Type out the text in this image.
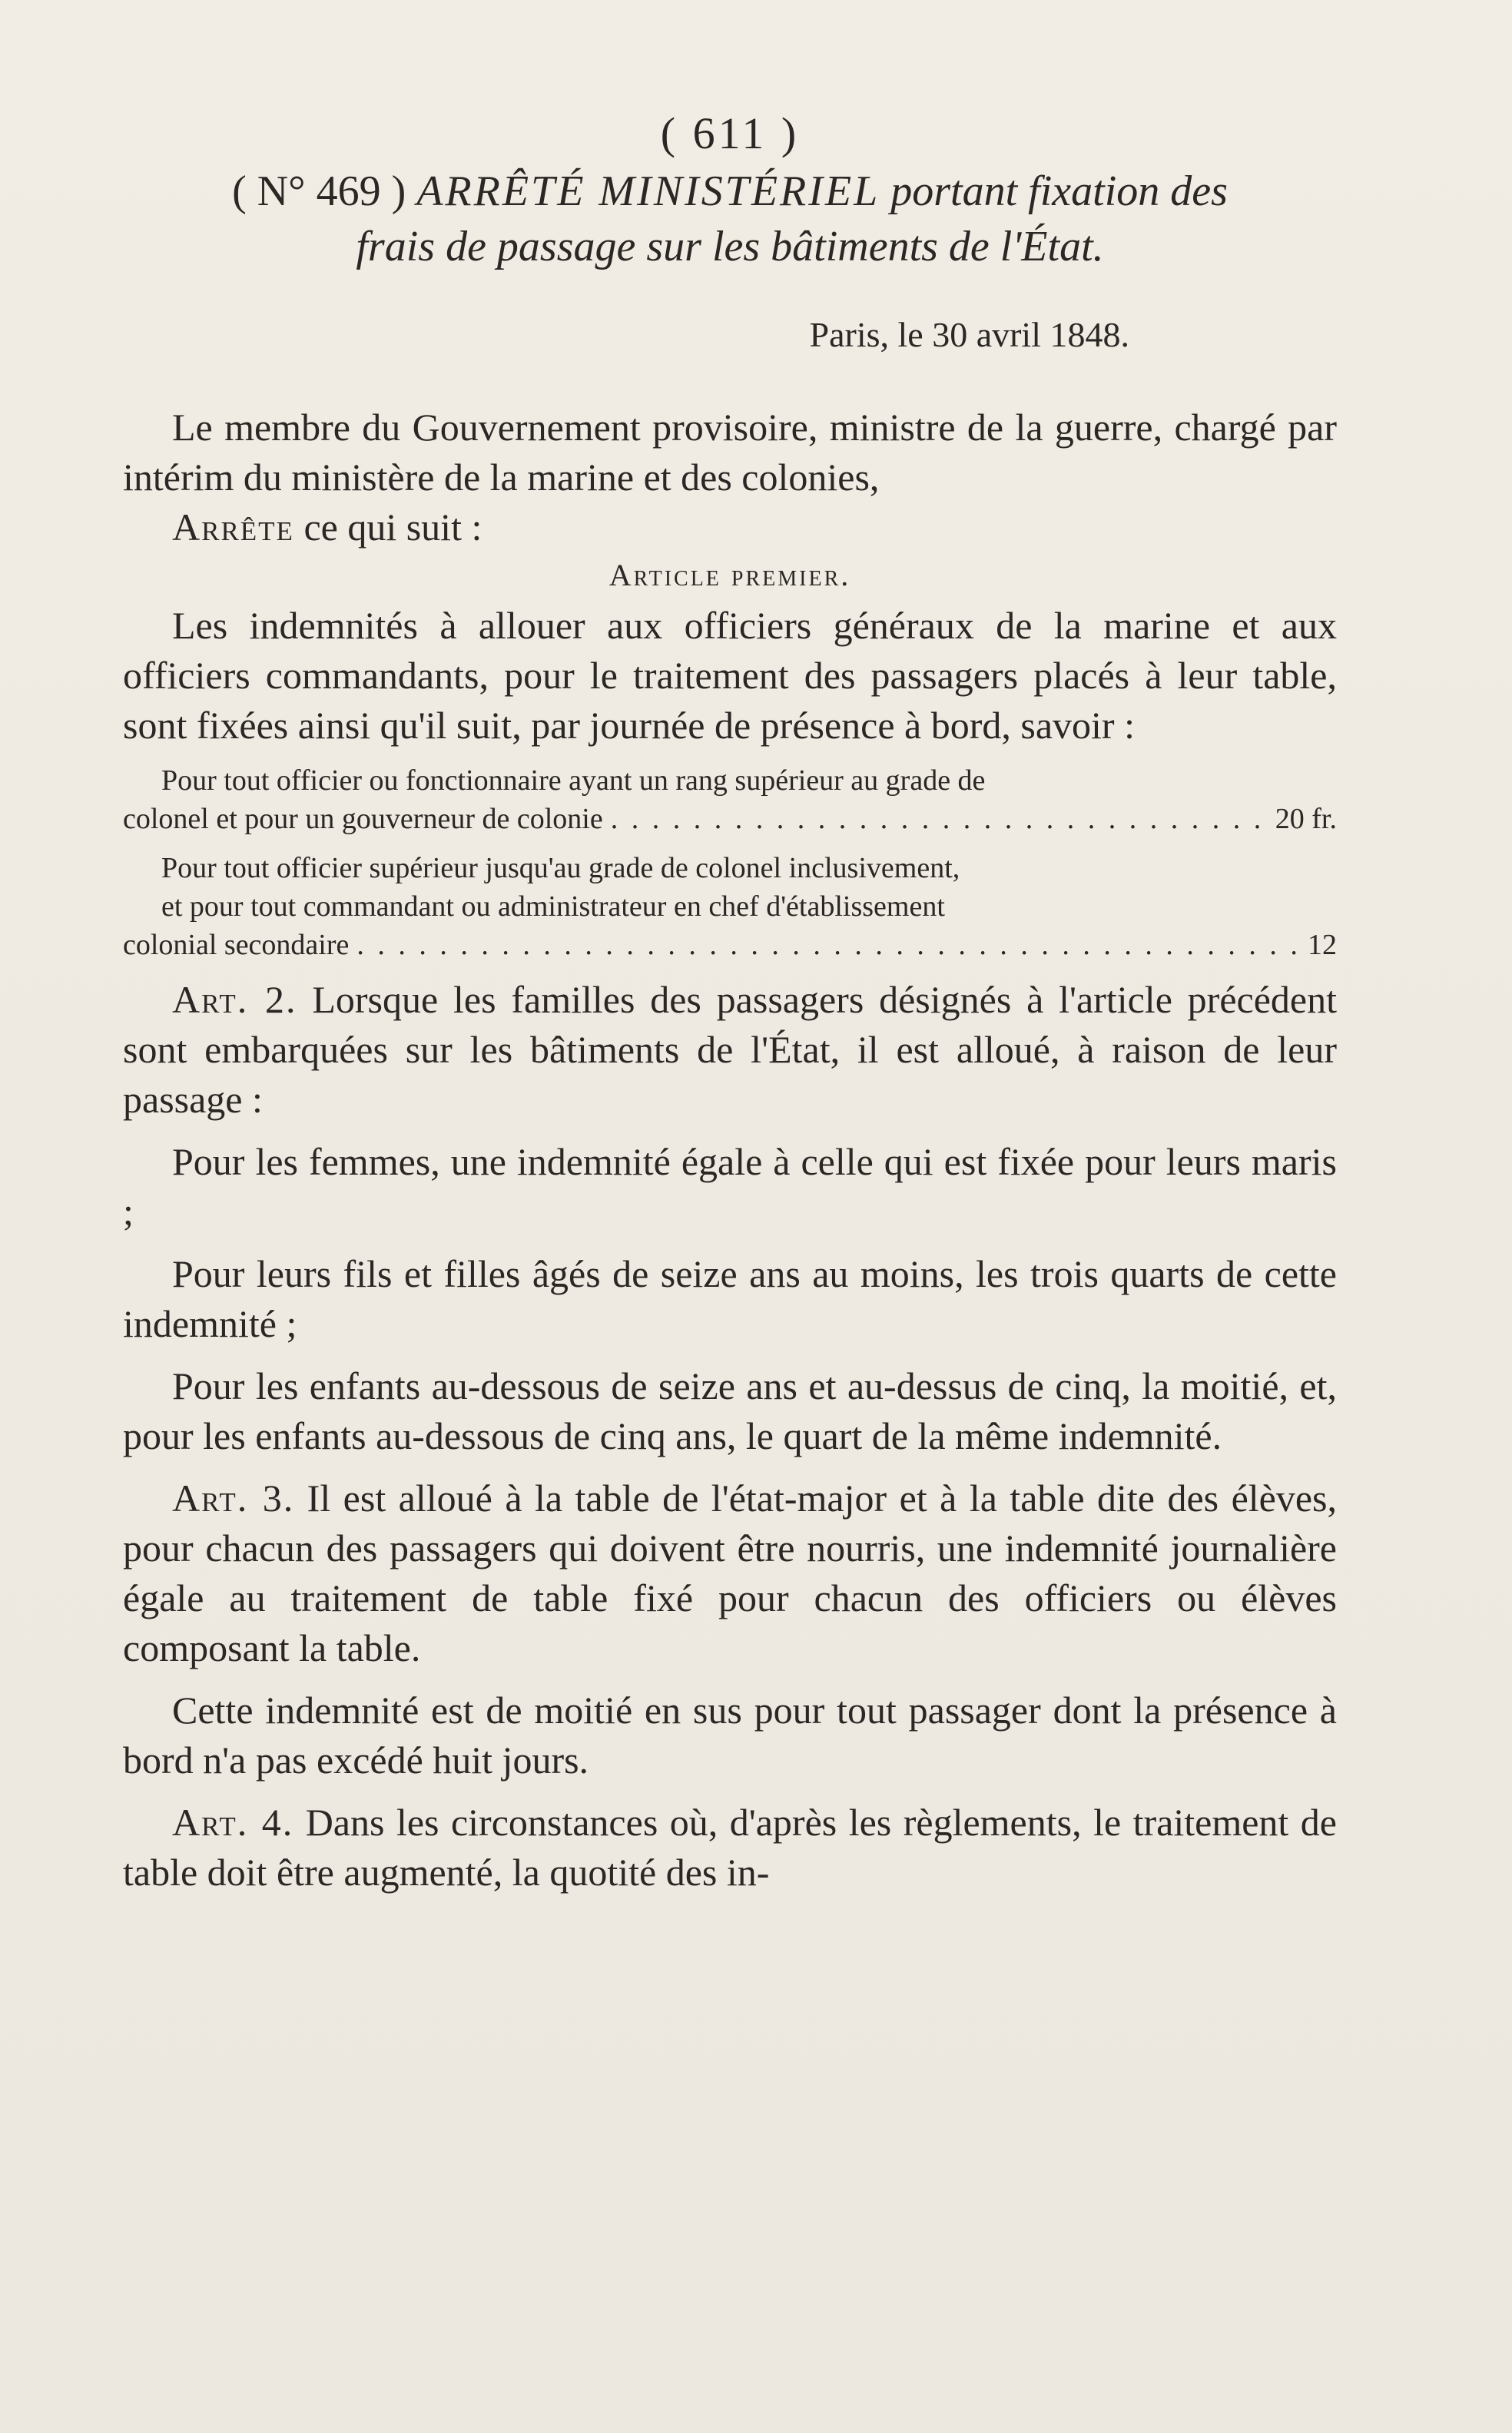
( 611 )
( N° 469 ) ARRÊTÉ MINISTÉRIEL portant fixation des
frais de passage sur les bâtiments de l'État.
Paris, le 30 avril 1848.

Le membre du Gouvernement provisoire, ministre de la guerre, chargé par intérim du ministère de la marine et des colonies,

Arrête ce qui suit :

Article premier.

Les indemnités à allouer aux officiers généraux de la marine et aux officiers commandants, pour le traitement des passagers placés à leur table, sont fixées ainsi qu'il suit, par journée de présence à bord, savoir :

Pour tout officier ou fonctionnaire ayant un rang supérieur au grade de
colonel et pour un gouverneur de colonie . . .	20 fr.
Pour tout officier supérieur jusqu'au grade de colonel inclusivement,
et pour tout commandant ou administrateur en chef d'établissement
colonial secondaire . . .	12

Art. 2. Lorsque les familles des passagers désignés à l'article précédent sont embarquées sur les bâtiments de l'État, il est alloué, à raison de leur passage :

Pour les femmes, une indemnité égale à celle qui est fixée pour leurs maris ;

Pour leurs fils et filles âgés de seize ans au moins, les trois quarts de cette indemnité ;

Pour les enfants au-dessous de seize ans et au-dessus de cinq, la moitié, et, pour les enfants au-dessous de cinq ans, le quart de la même indemnité.

Art. 3. Il est alloué à la table de l'état-major et à la table dite des élèves, pour chacun des passagers qui doivent être nourris, une indemnité journalière égale au traitement de table fixé pour chacun des officiers ou élèves composant la table.

Cette indemnité est de moitié en sus pour tout passager dont la présence à bord n'a pas excédé huit jours.

Art. 4. Dans les circonstances où, d'après les règlements, le traitement de table doit être augmenté, la quotité des in-
